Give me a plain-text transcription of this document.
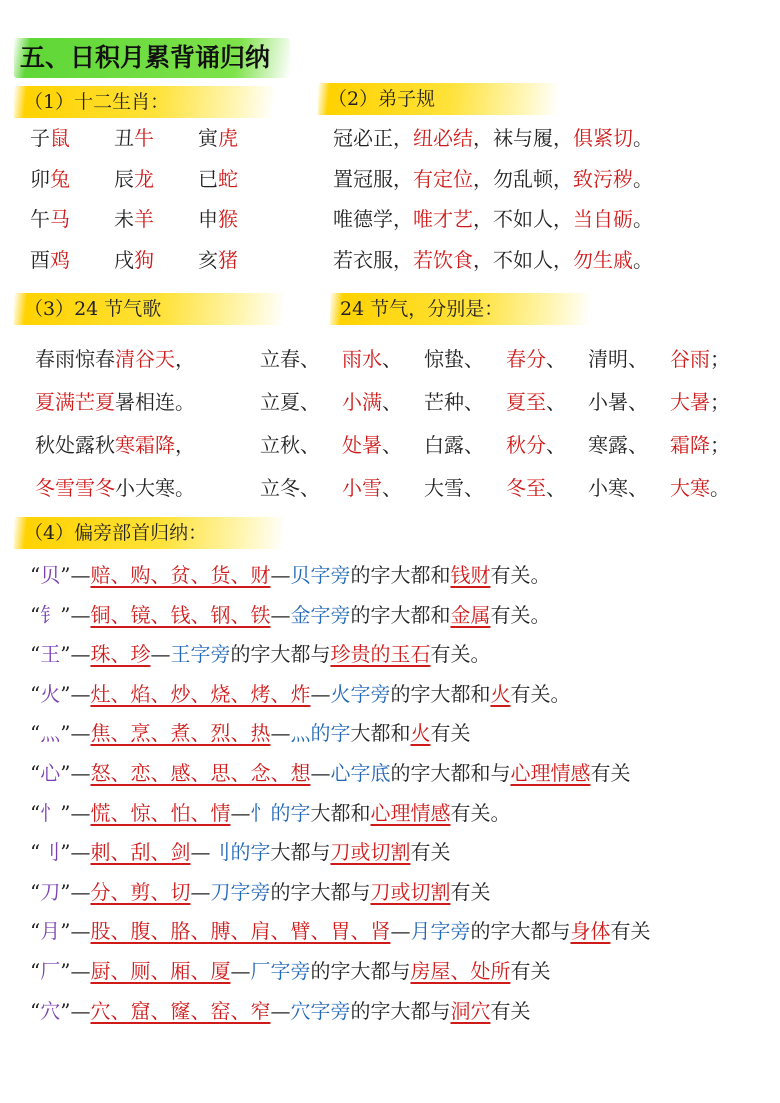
五、日积月累背诵归纳
（1）十二生肖：
子鼠	丑牛	寅虎
卯兔	辰龙	已蛇
午马	未羊	申猴
酉鸡	戌狗	亥猪
（2）弟子规
冠必正， 纽必结 ，袜与履， 俱紧切 。
置冠服， 有定位 ，勿乱顿， 致污秽 。
唯德学， 唯才艺 ，不如人， 当自砺 。
若衣服， 若饮食 ，不如人， 勿生戚 。
（3）24 节气歌	24 节气，分别是：
春雨惊春清谷天，
夏满芒夏暑相连。
秋处露秋寒霜降，
冬雪雪冬小大寒。
立春、	雨水、	惊蛰、	春分、	清明、	谷雨；
立夏、	小满、	芒种、	夏至、	小暑、	大暑；
立秋、	处暑、	白露、	秋分、	寒露、	霜降；
立冬、	小雪、	大雪、	冬至、	小寒、	大寒。
（4）偏旁部首归纳：
“贝”—赔、购、贫、货、财—贝字旁的字大都和钱财有关。
“钅”—铜、镜、钱、钢、铁—金字旁的字大都和金属有关。
“王”—珠、珍—王字旁的字大都与珍贵的玉石有关。
“火”—灶、焰、炒、烧、烤、炸—火字旁的字大都和火有关。
“灬”—焦、烹、煮、烈、热—灬的字大都和火有关
“心”—怒、恋、感、思、念、想—心字底的字大都和与心理情感有关
“忄”—慌、惊、怕、情—忄的字大都和心理情感有关。
“刂”—刺、刮、剑—刂的字大都与刀或切割有关
“刀”—分、剪、切—刀字旁的字大都与刀或切割有关
“月”—股、腹、胳、膊、肩、臂、胃、肾—月字旁的字大都与身体有关
“厂”—厨、厕、厢、厦—厂字旁的字大都与房屋、处所有关
“穴”—穴、窟、窿、窑、窄—穴字旁的字大都与洞穴有关
